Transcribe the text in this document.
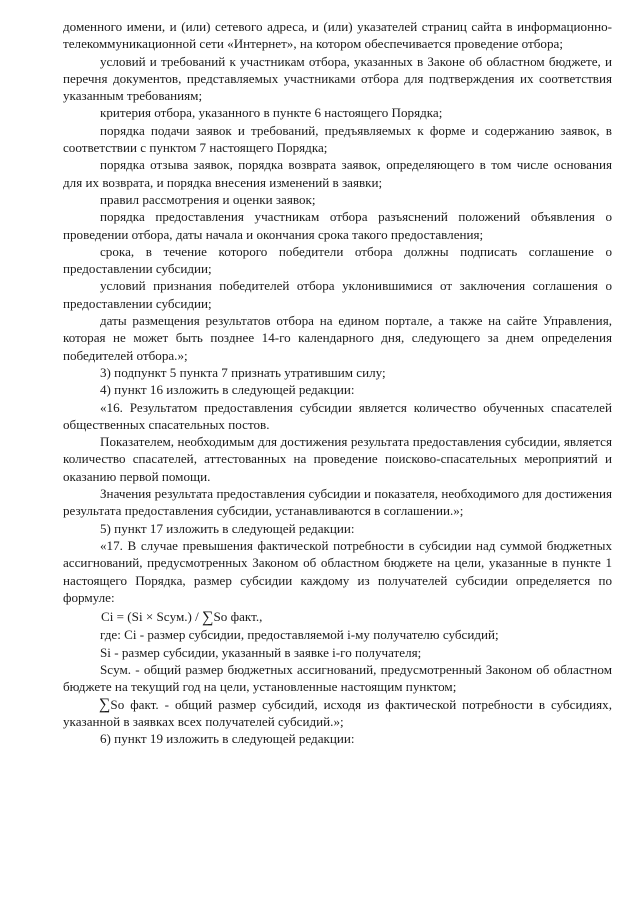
доменного имени, и (или) сетевого адреса, и (или) указателей страниц сайта в информационно-телекоммуникационной сети «Интернет», на котором обеспечивается проведение отбора;

условий и требований к участникам отбора, указанных в Законе об областном бюджете, и перечня документов, представляемых участниками отбора для подтверждения их соответствия указанным требованиям;

критерия отбора, указанного в пункте 6 настоящего Порядка;

порядка подачи заявок и требований, предъявляемых к форме и содержанию заявок, в соответствии с пунктом 7 настоящего Порядка;

порядка отзыва заявок, порядка возврата заявок, определяющего в том числе основания для их возврата, и порядка внесения изменений в заявки;

правил рассмотрения и оценки заявок;

порядка предоставления участникам отбора разъяснений положений объявления о проведении отбора, даты начала и окончания срока такого предоставления;

срока, в течение которого победители отбора должны подписать соглашение о предоставлении субсидии;

условий признания победителей отбора уклонившимися от заключения соглашения о предоставлении субсидии;

даты размещения результатов отбора на едином портале, а также на сайте Управления, которая не может быть позднее 14-го календарного дня, следующего за днем определения победителей отбора.»;

3) подпункт 5 пункта 7 признать утратившим силу;

4) пункт 16 изложить в следующей редакции:

«16. Результатом предоставления субсидии является количество обученных спасателей общественных спасательных постов.

Показателем, необходимым для достижения результата предоставления субсидии, является количество спасателей, аттестованных на проведение поисково-спасательных мероприятий и оказанию первой помощи.

Значения результата предоставления субсидии и показателя, необходимого для достижения результата предоставления субсидии, устанавливаются в соглашении.»;

5) пункт 17 изложить в следующей редакции:

«17. В случае превышения фактической потребности в субсидии над суммой бюджетных ассигнований, предусмотренных Законом об областном бюджете на цели, указанные в пункте 1 настоящего Порядка, размер субсидии каждому из получателей субсидии определяется по формуле:

Ci = (Si × Scум.) / ∑So факт.,

где: Ci - размер субсидии, предоставляемой i-му получателю субсидий;

Si - размер субсидии, указанный в заявке i-го получателя;

Scум. - общий размер бюджетных ассигнований, предусмотренный Законом об областном бюджете на текущий год на цели, установленные настоящим пунктом;

∑So факт. - общий размер субсидий, исходя из фактической потребности в субсидиях, указанной в заявках всех получателей субсидий.»;

6) пункт 19 изложить в следующей редакции:
